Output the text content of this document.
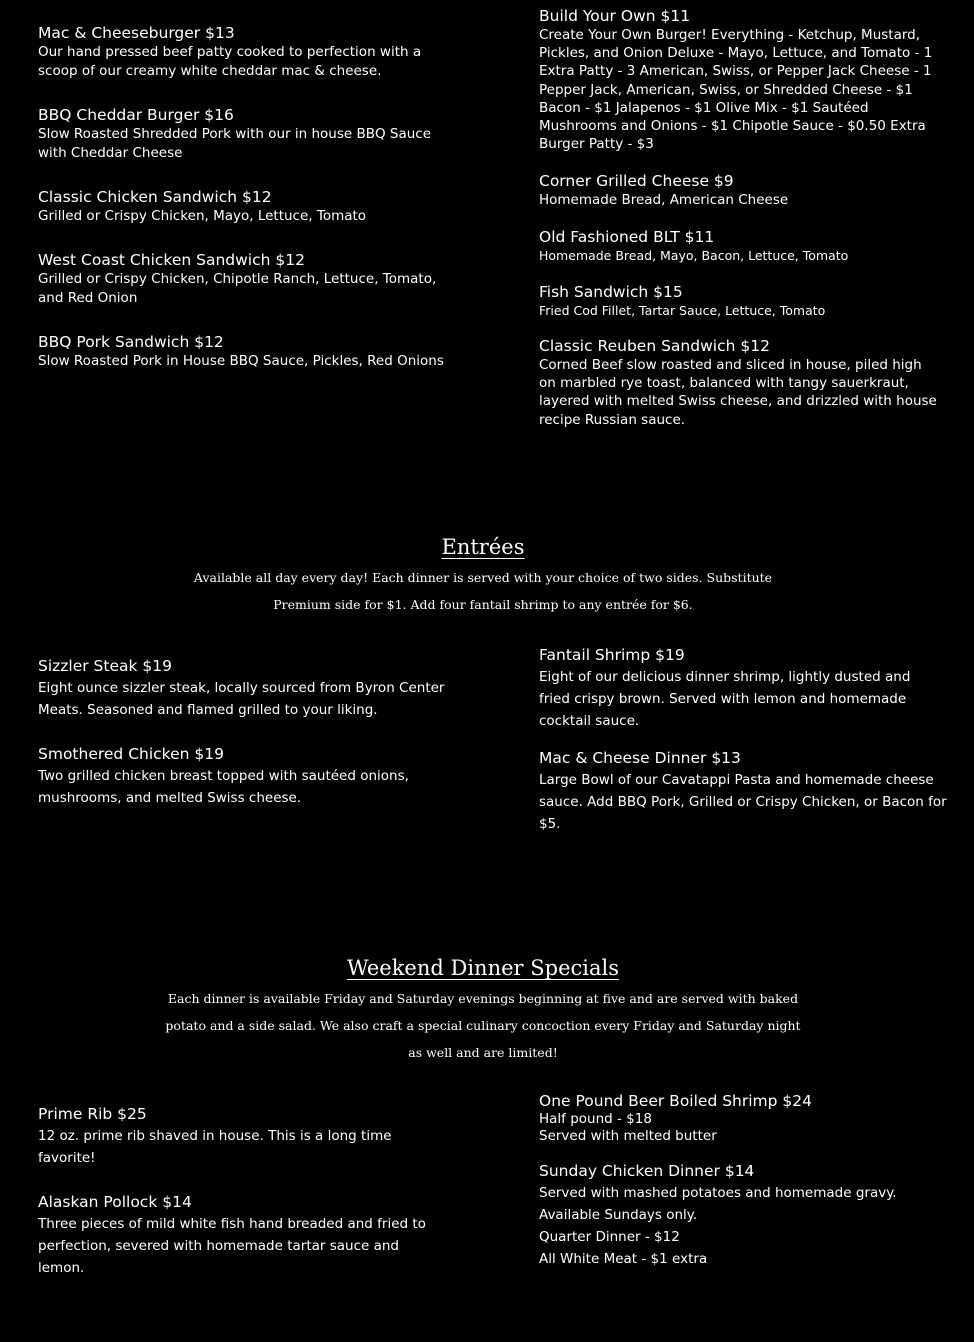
Mac & Cheeseburger $13
Our hand pressed beef patty cooked to perfection with a scoop of our creamy white cheddar mac & cheese.
BBQ Cheddar Burger $16
Slow Roasted Shredded Pork with our in house BBQ Sauce with Cheddar Cheese
Classic Chicken Sandwich $12
Grilled or Crispy Chicken, Mayo, Lettuce, Tomato
West Coast Chicken Sandwich $12
Grilled or Crispy Chicken, Chipotle Ranch, Lettuce, Tomato, and Red Onion
BBQ Pork Sandwich $12
Slow Roasted Pork in House BBQ Sauce, Pickles, Red Onions
Build Your Own $11
Create Your Own Burger! Everything - Ketchup, Mustard, Pickles, and Onion Deluxe - Mayo, Lettuce, and Tomato - 1 Extra Patty - 3 American, Swiss, or Pepper Jack Cheese - 1 Pepper Jack, American, Swiss, or Shredded Cheese - $1 Bacon - $1 Jalapenos - $1 Olive Mix - $1 Sautéed Mushrooms and Onions - $1 Chipotle Sauce - $0.50 Extra Burger Patty - $3
Corner Grilled Cheese $9
Homemade Bread, American Cheese
Old Fashioned BLT $11
Homemade Bread, Mayo, Bacon, Lettuce, Tomato
Fish Sandwich $15
Fried Cod Fillet, Tartar Sauce, Lettuce, Tomato
Classic Reuben Sandwich $12
Corned Beef slow roasted and sliced in house, piled high on marbled rye toast, balanced with tangy sauerkraut, layered with melted Swiss cheese, and drizzled with house recipe Russian sauce.
Entrées
Available all day every day! Each dinner is served with your choice of two sides. Substitute
Premium side for $1. Add four fantail shrimp to any entrée for $6.
Sizzler Steak $19
Eight ounce sizzler steak, locally sourced from Byron Center Meats. Seasoned and flamed grilled to your liking.
Smothered Chicken $19
Two grilled chicken breast topped with sautéed onions, mushrooms, and melted Swiss cheese.
Fantail Shrimp $19
Eight of our delicious dinner shrimp, lightly dusted and fried crispy brown. Served with lemon and homemade cocktail sauce.
Mac & Cheese Dinner $13
Large Bowl of our Cavatappi Pasta and homemade cheese sauce. Add BBQ Pork, Grilled or Crispy Chicken, or Bacon for $5.
Weekend Dinner Specials
Each dinner is available Friday and Saturday evenings beginning at five and are served with baked
potato and a side salad. We also craft a special culinary concoction every Friday and Saturday night
as well and are limited!
Prime Rib $25
12 oz. prime rib shaved in house. This is a long time favorite!
Alaskan Pollock $14
Three pieces of mild white fish hand breaded and fried to perfection, severed with homemade tartar sauce and lemon.
One Pound Beer Boiled Shrimp $24
Half pound - $18
Served with melted butter
Sunday Chicken Dinner $14
Served with mashed potatoes and homemade gravy.
Available Sundays only.
Quarter Dinner - $12
All White Meat - $1 extra
